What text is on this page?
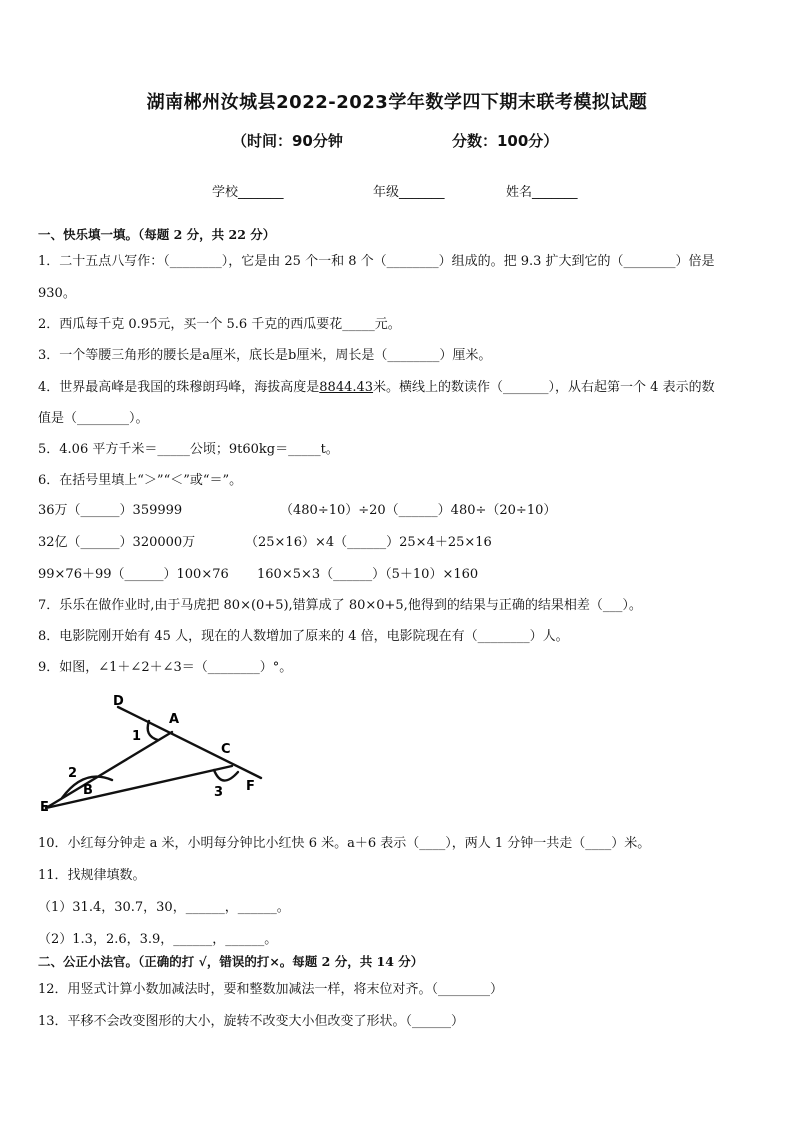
湖南郴州汝城县2022-2023学年数学四下期末联考模拟试题
（时间：90分钟	分数：100分）
学校_______	年级_______	姓名_______
一、快乐填一填。（每题 2 分，共 22 分）
1．二十五点八写作：（________），它是由 25 个一和 8 个（________）组成的。把 9.3 扩大到它的（________）倍是
930。
2．西瓜每千克 0.95元，买一个 5.6 千克的西瓜要花_____元。
3．一个等腰三角形的腰长是a厘米，底长是b厘米，周长是（________）厘米。
4．世界最高峰是我国的珠穆朗玛峰，海拔高度是8844.43米。横线上的数读作（_______），从右起第一个 4 表示的数
值是（________）。
5．4.06 平方千米＝_____公顷；9t60kg＝_____t。
6．在括号里填上“＞”“＜”或“＝”。
36万（______）359999	（480÷10）÷20（______）480÷（20÷10）
32亿（______）320000万	（25×16）×4（______）25×4＋25×16
99×76＋99（______）100×76 160×5×3（______）（5＋10）×160
7．乐乐在做作业时,由于马虎把 80×(0+5),错算成了 80×0+5,他得到的结果与正确的结果相差（___）。
8．电影院刚开始有 45 人，现在的人数增加了原来的 4 倍，电影院现在有（________）人。
9．如图，∠1＋∠2＋∠3＝（________）°。
D
A
1
C
2
B	3
E
F
10．小红每分钟走 a 米，小明每分钟比小红快 6 米。a＋6 表示（____），两人 1 分钟一共走（____）米。
11．找规律填数。
（1）31.4，30.7，30，______，______。
（2）1.3，2.6，3.9，______，______。
二、公正小法官。（正确的打 √，错误的打×。每题 2 分，共 14 分）
12．用竖式计算小数加减法时，要和整数加减法一样，将末位对齐。（________）
13．平移不会改变图形的大小，旋转不改变大小但改变了形状。（______）
